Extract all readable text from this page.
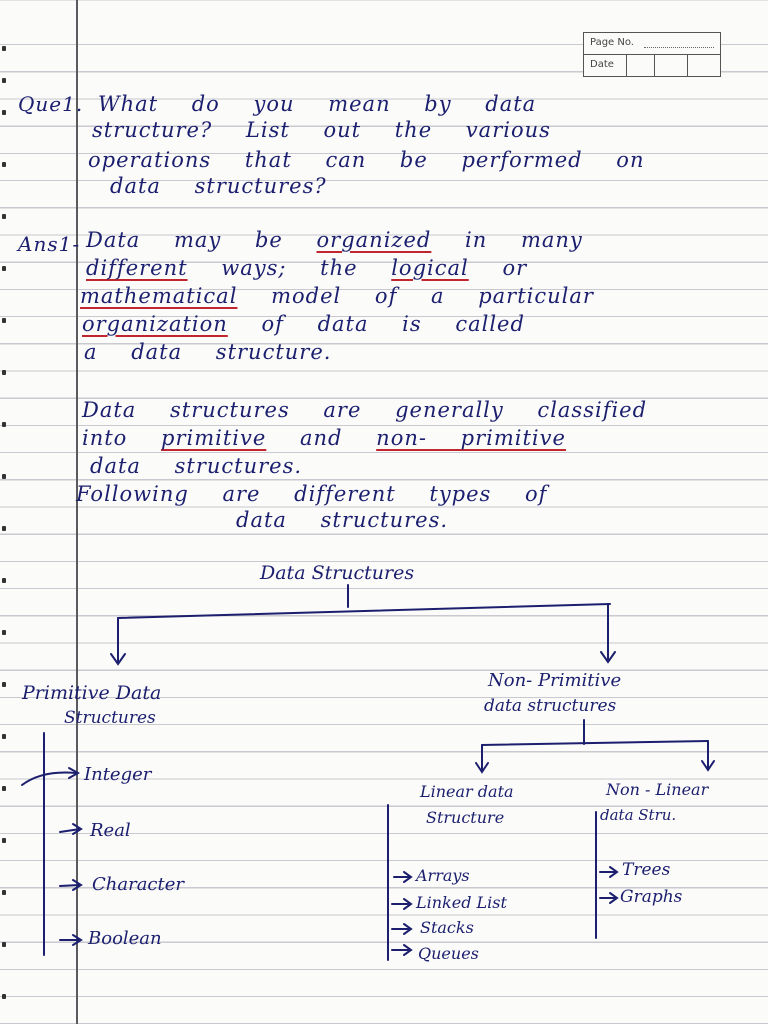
Page No.
Date
Que1. What do you mean by data
structure? List out the various
operations that can be performed on
data structures?
Ans1- Data may be organized in many
different ways; the logical or
mathematical model of a particular
organization of data is called
a data structure.
Data structures are generally classified
into primitive and non- primitive
data structures.
Following are different types of
data structures.
Data Structures
Primitive Data
Structures
Integer
Real
Character
Boolean
Non- Primitive
data structures
Linear data
Structure
Arrays
Linked List
Stacks
Queues
Non - Linear
data Stru.
Trees
Graphs
